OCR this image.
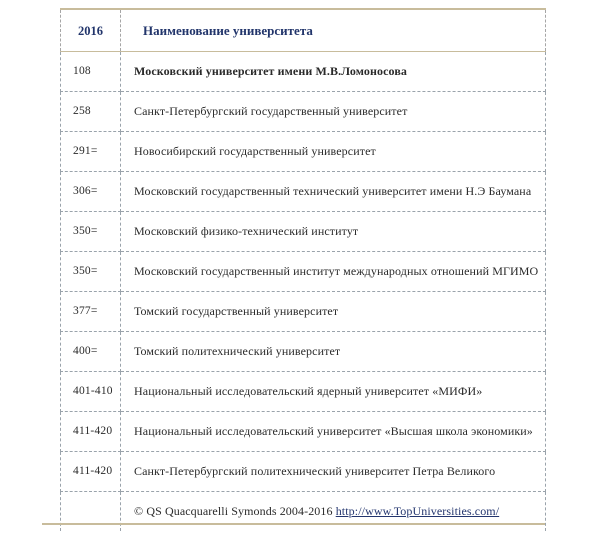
2016	Наименование университета
108	Московский университет имени М.В.Ломоносова
258	Санкт-Петербургский государственный университет
291=	Новосибирский государственный университет
306=	Московский государственный технический университет имени Н.Э Баумана
350=	Московский физико-технический институт
350=	Московский государственный институт международных отношений МГИМО
377=	Томский государственный университет
400=	Томский политехнический университет
401-410	Национальный исследовательский ядерный университет «МИФИ»
411-420	Национальный исследовательский университет «Высшая школа экономики»
411-420	Санкт-Петербургский политехнический университет Петра Великого
	© QS Quacquarelli Symonds 2004-2016 http://www.TopUniversities.com/
